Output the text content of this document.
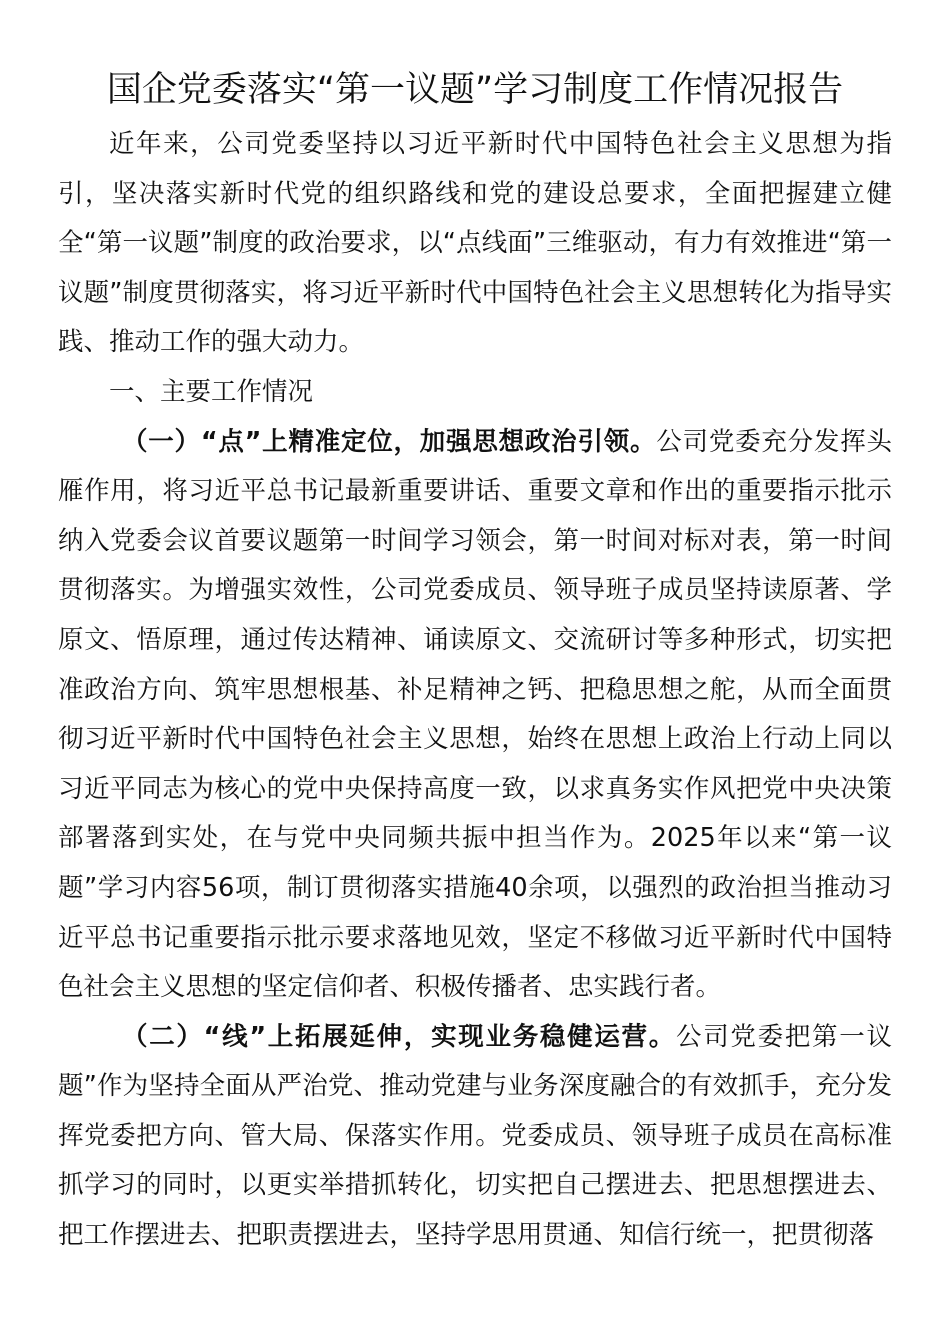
国企党委落实“第一议题”学习制度工作情况报告

近年来，公司党委坚持以习近平新时代中国特色社会主义思想为指引，坚决落实新时代党的组织路线和党的建设总要求，全面把握建立健全“第一议题”制度的政治要求，以“点线面”三维驱动，有力有效推进“第一议题”制度贯彻落实，将习近平新时代中国特色社会主义思想转化为指导实践、推动工作的强大动力。

一、主要工作情况

（一）“点”上精准定位，加强思想政治引领。公司党委充分发挥头雁作用，将习近平总书记最新重要讲话、重要文章和作出的重要指示批示纳入党委会议首要议题第一时间学习领会，第一时间对标对表，第一时间贯彻落实。为增强实效性，公司党委成员、领导班子成员坚持读原著、学原文、悟原理，通过传达精神、诵读原文、交流研讨等多种形式，切实把准政治方向、筑牢思想根基、补足精神之钙、把稳思想之舵，从而全面贯彻习近平新时代中国特色社会主义思想，始终在思想上政治上行动上同以习近平同志为核心的党中央保持高度一致，以求真务实作风把党中央决策部署落到实处，在与党中央同频共振中担当作为。2025年以来“第一议题”学习内容56项，制订贯彻落实措施40余项，以强烈的政治担当推动习近平总书记重要指示批示要求落地见效，坚定不移做习近平新时代中国特色社会主义思想的坚定信仰者、积极传播者、忠实践行者。

（二）“线”上拓展延伸，实现业务稳健运营。公司党委把第一议题”作为坚持全面从严治党、推动党建与业务深度融合的有效抓手，充分发挥党委把方向、管大局、保落实作用。党委成员、领导班子成员在高标准抓学习的同时，以更实举措抓转化，切实把自己摆进去、把思想摆进去、把工作摆进去、把职责摆进去，坚持学思用贯通、知信行统一，把贯彻落
